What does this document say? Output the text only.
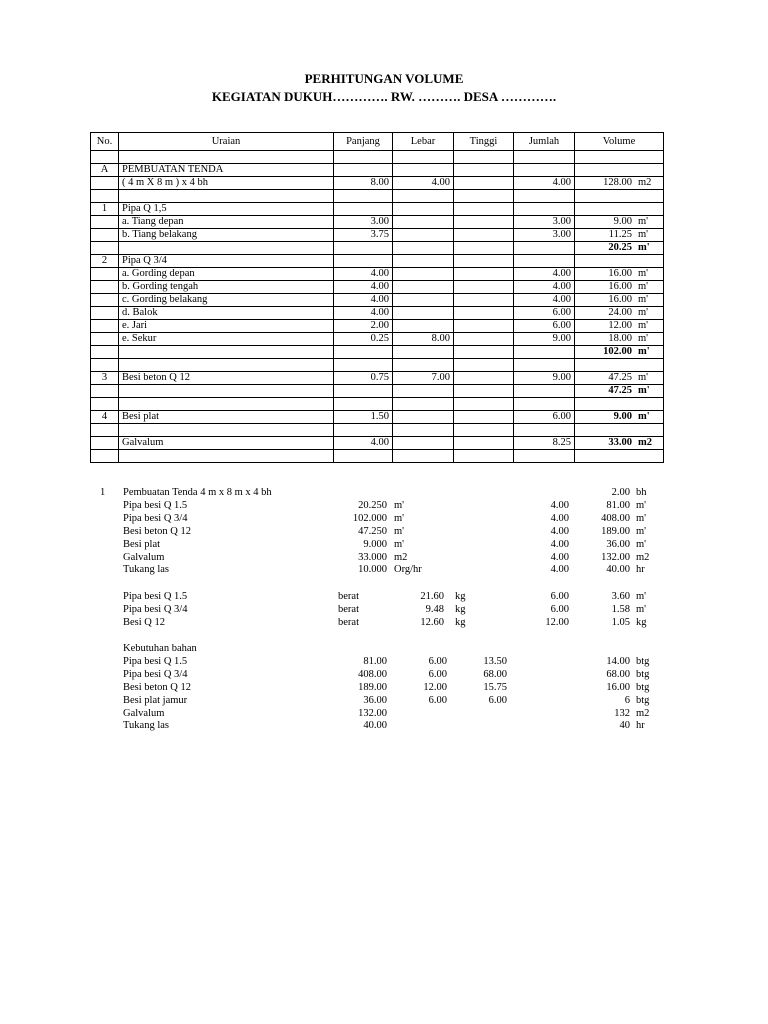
PERHITUNGAN VOLUME
KEGIATAN DUKUH…………. RW. ………. DESA ………….
No.	Uraian	Panjang	Lebar	Tinggi	Jumlah	Volume

A	PEMBUATAN TENDA					
	( 4 m X 8 m ) x 4 bh	8.00	4.00		4.00	128.00 m2

1	Pipa Q 1,5					
	a. Tiang depan	3.00			3.00	9.00 m'
	b. Tiang belakang	3.75			3.00	11.25 m'
						20.25 m'
2	Pipa Q 3/4					
	a. Gording depan	4.00			4.00	16.00 m'
	b. Gording tengah	4.00			4.00	16.00 m'
	c. Gording belakang	4.00			4.00	16.00 m'
	d. Balok	4.00			6.00	24.00 m'
	e. Jari	2.00			6.00	12.00 m'
	e. Sekur	0.25	8.00		9.00	18.00 m'
						102.00 m'

3	Besi beton Q 12	0.75	7.00		9.00	47.25 m'
						47.25 m'

4	Besi plat	1.50			6.00	9.00 m'

	Galvalum	4.00			8.25	33.00 m2

1	Pembuatan Tenda 4 m x 8 m x 4 bh	2.00 bh
Pipa besi Q 1.5	20.250 m'	4.00	81.00 m'
Pipa besi Q 3/4	102.000 m'	4.00	408.00 m'
Besi beton Q 12	47.250 m'	4.00	189.00 m'
Besi plat	9.000 m'	4.00	36.00 m'
Galvalum	33.000 m2	4.00	132.00 m2
Tukang las	10.000 Org/hr	4.00	40.00 hr
Pipa besi Q 1.5	berat	21.60 kg	6.00	3.60 m'
Pipa besi Q 3/4	berat	9.48 kg	6.00	1.58 m'
Besi Q 12	berat	12.60 kg	12.00	1.05 kg
Kebutuhan bahan
Pipa besi Q 1.5	81.00	6.00	13.50	14.00 btg
Pipa besi Q 3/4	408.00	6.00	68.00	68.00 btg
Besi beton Q 12	189.00	12.00	15.75	16.00 btg
Besi plat jamur	36.00	6.00	6.00	6 btg
Galvalum	132.00	132 m2
Tukang las	40.00	40 hr
